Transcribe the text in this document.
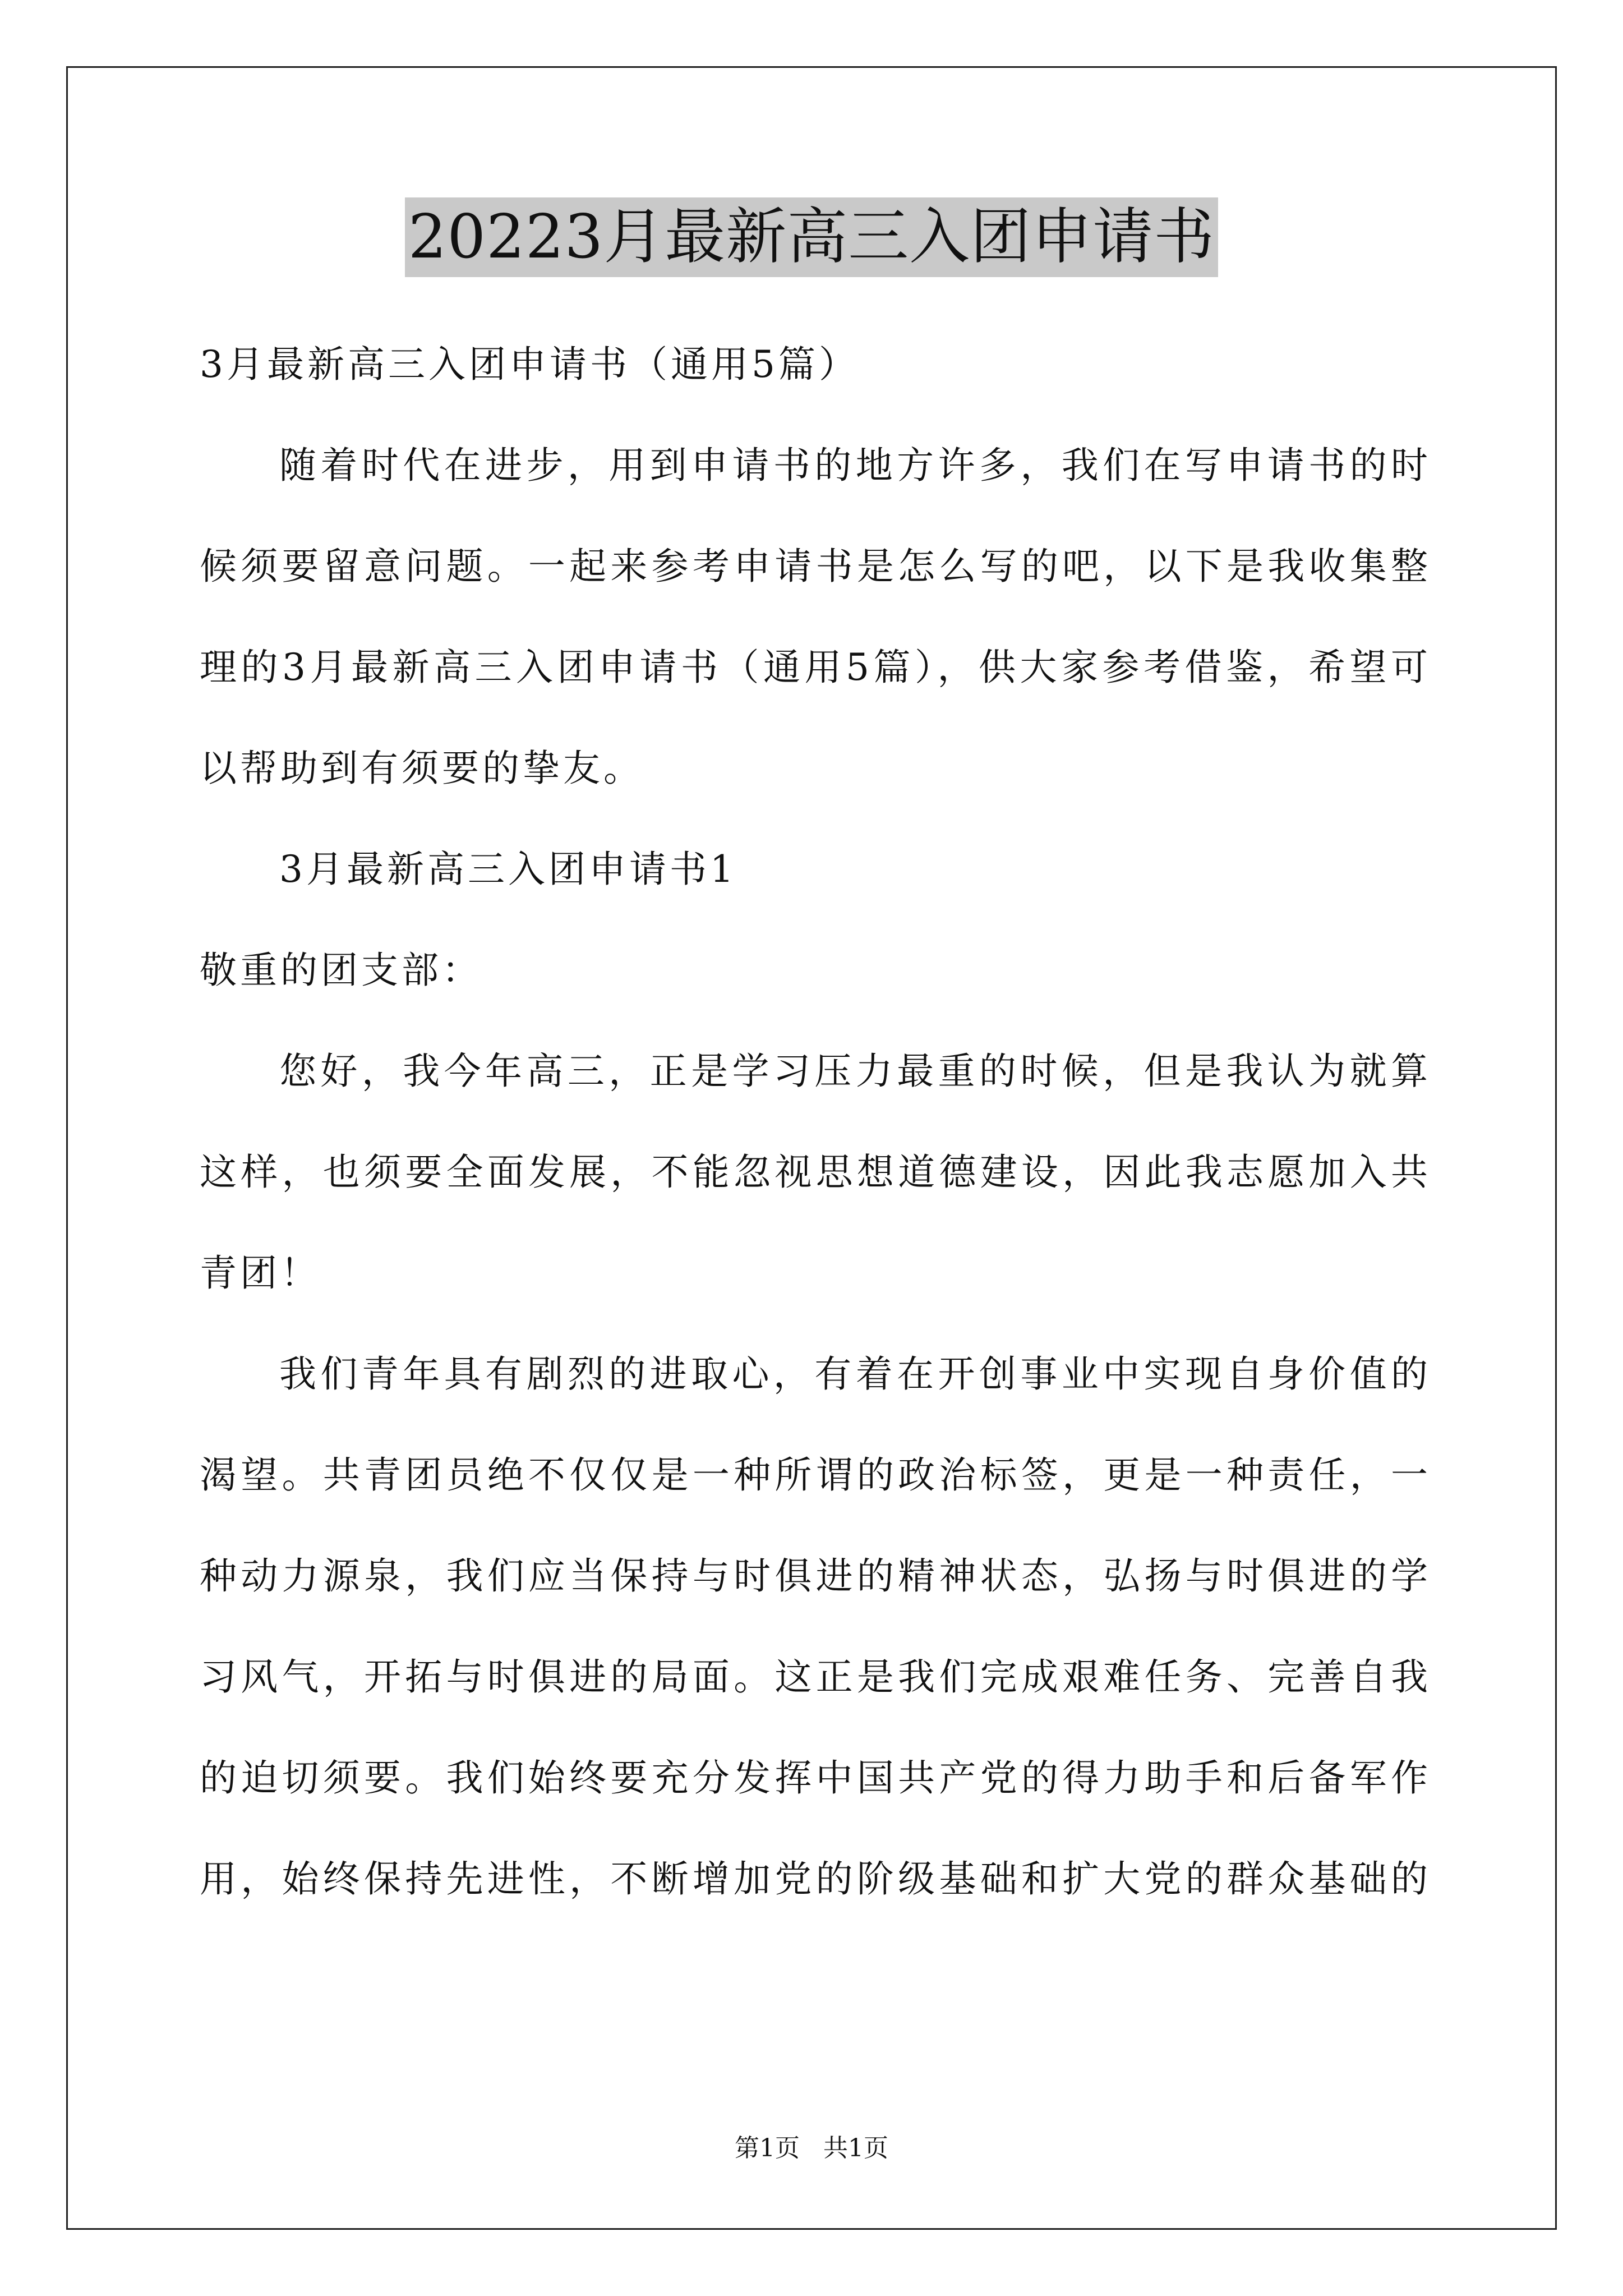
20223月最新高三入团申请书
3月最新高三入团申请书（通用5篇）
随着时代在进步，用到申请书的地方许多，我们在写申请书的时
候须要留意问题。一起来参考申请书是怎么写的吧，以下是我收集整
理的3月最新高三入团申请书（通用5篇），供大家参考借鉴，希望可
以帮助到有须要的挚友。
3月最新高三入团申请书1
敬重的团支部：
您好，我今年高三，正是学习压力最重的时候，但是我认为就算
这样，也须要全面发展，不能忽视思想道德建设，因此我志愿加入共
青团！
我们青年具有剧烈的进取心，有着在开创事业中实现自身价值的
渴望。共青团员绝不仅仅是一种所谓的政治标签，更是一种责任，一
种动力源泉，我们应当保持与时俱进的精神状态，弘扬与时俱进的学
习风气，开拓与时俱进的局面。这正是我们完成艰难任务、完善自我
的迫切须要。我们始终要充分发挥中国共产党的得力助手和后备军作
用，始终保持先进性，不断增加党的阶级基础和扩大党的群众基础的
第1页   共1页
